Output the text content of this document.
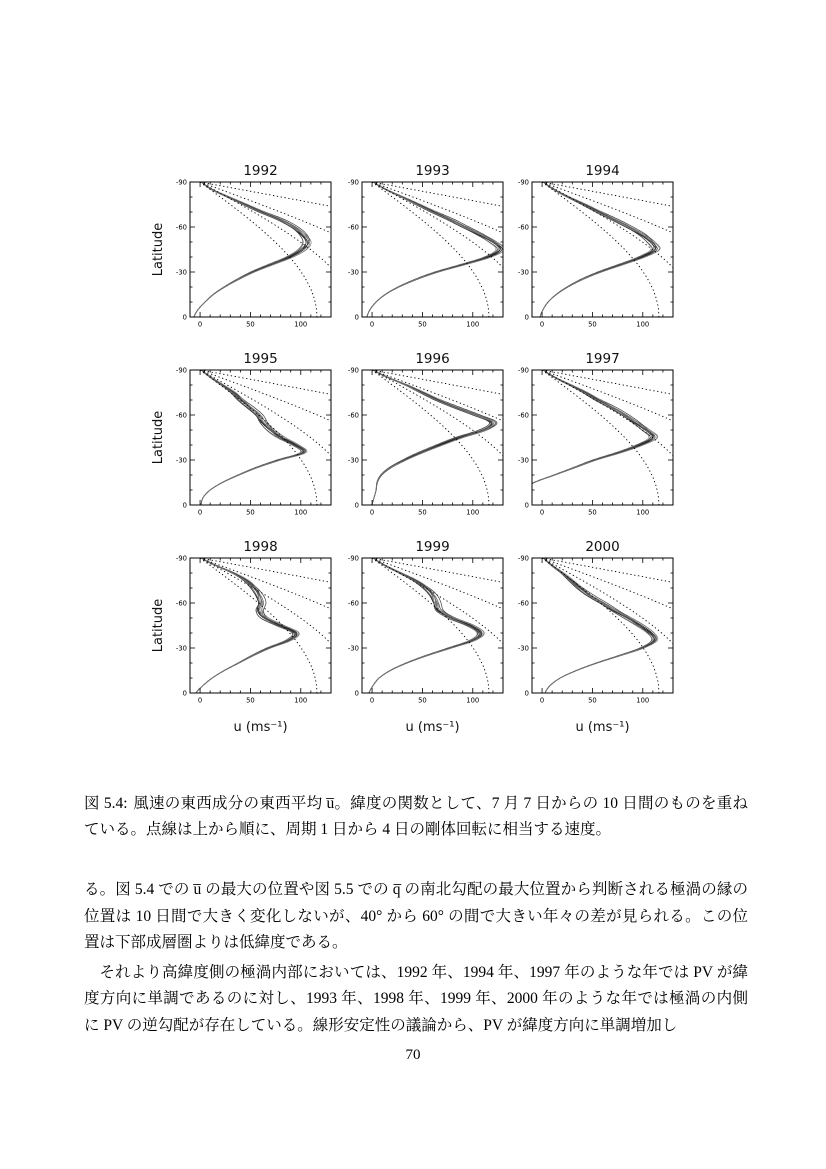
0	50	100
-90
-60
-30
0
1992
0	50	100
-90
-60
-30
0
1993
0	50	100
-90
-60
-30
0
1994
0	50	100
-90
-60
-30
0
1995
0	50	100
-90
-60
-30
0
1996
0	50	100
-90
-60
-30
0
1997
0	50	100
-90
-60
-30
0
1998
0	50	100
-90
-60
-30
0
1999
0	50	100
-90
-60
-30
0
2000
Latitude
Latitude
Latitude
u (ms⁻¹)	u (ms⁻¹)	u (ms⁻¹)
図 5.4: 風速の東西成分の東西平均 u̅。緯度の関数として、7 月 7 日からの 10 日間のものを重ねている。点線は上から順に、周期 1 日から 4 日の剛体回転に相当する速度。

る。図 5.4 での u̅ の最大の位置や図 5.5 での q̅ の南北勾配の最大位置から判断される極渦の縁の位置は 10 日間で大きく変化しないが、40° から 60° の間で大きい年々の差が見られる。この位置は下部成層圏よりは低緯度である。

それより高緯度側の極渦内部においては、1992 年、1994 年、1997 年のような年では PV が緯度方向に単調であるのに対し、1993 年、1998 年、1999 年、2000 年のような年では極渦の内側に PV の逆勾配が存在している。線形安定性の議論から、PV が緯度方向に単調増加し

70
